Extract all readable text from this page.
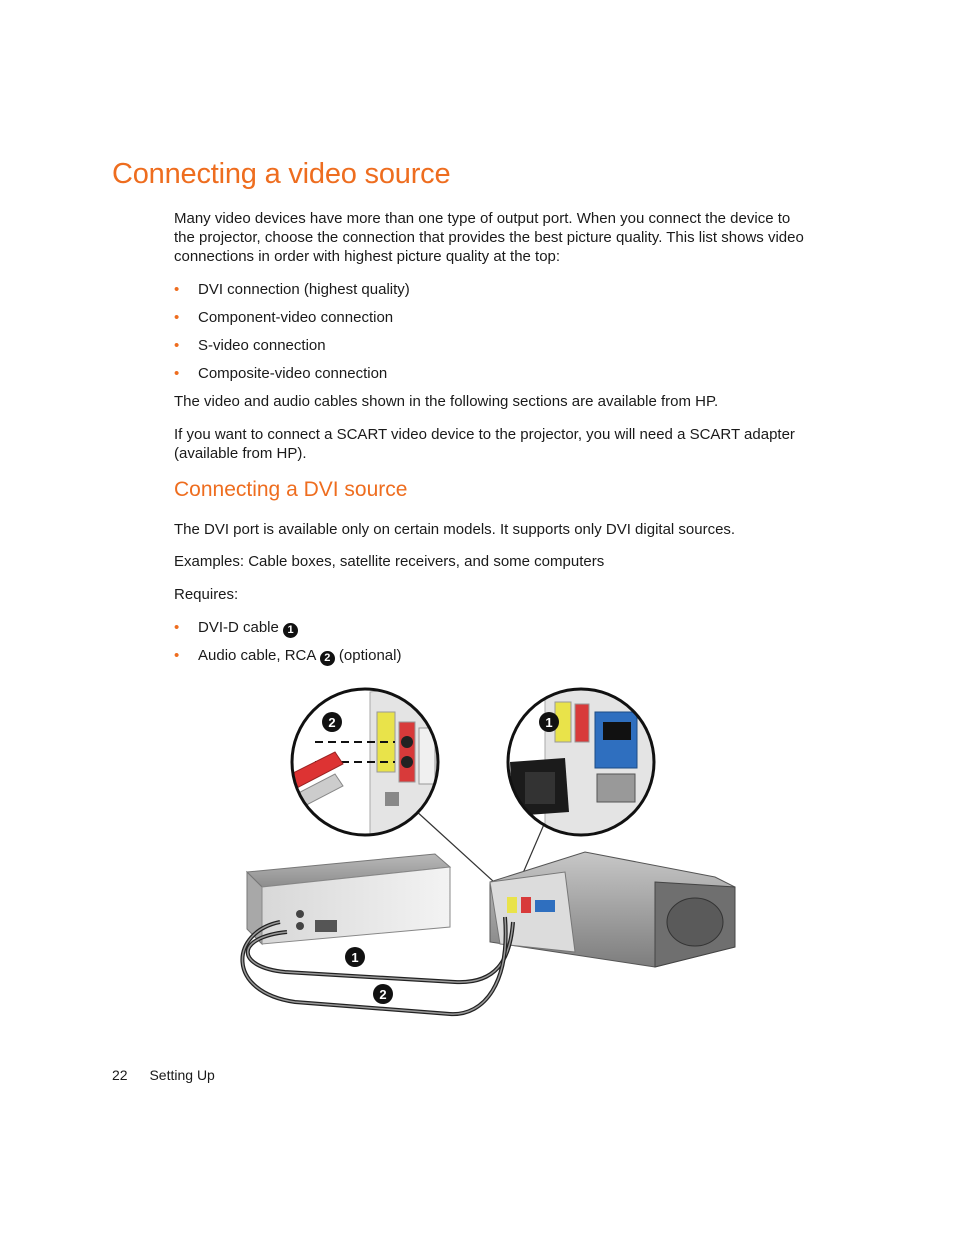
Connecting a video source

Many video devices have more than one type of output port. When you connect the device to the projector, choose the connection that provides the best picture quality. This list shows video connections in order with highest picture quality at the top:

• DVI connection (highest quality)
• Component-video connection
• S-video connection
• Composite-video connection

The video and audio cables shown in the following sections are available from HP.

If you want to connect a SCART video device to the projector, you will need a SCART adapter (available from HP).

Connecting a DVI source

The DVI port is available only on certain models. It supports only DVI digital sources.

Examples: Cable boxes, satellite receivers, and some computers

Requires:

• DVI-D cable 1
• Audio cable, RCA 2 (optional)
2	1
1
2
22 Setting Up
